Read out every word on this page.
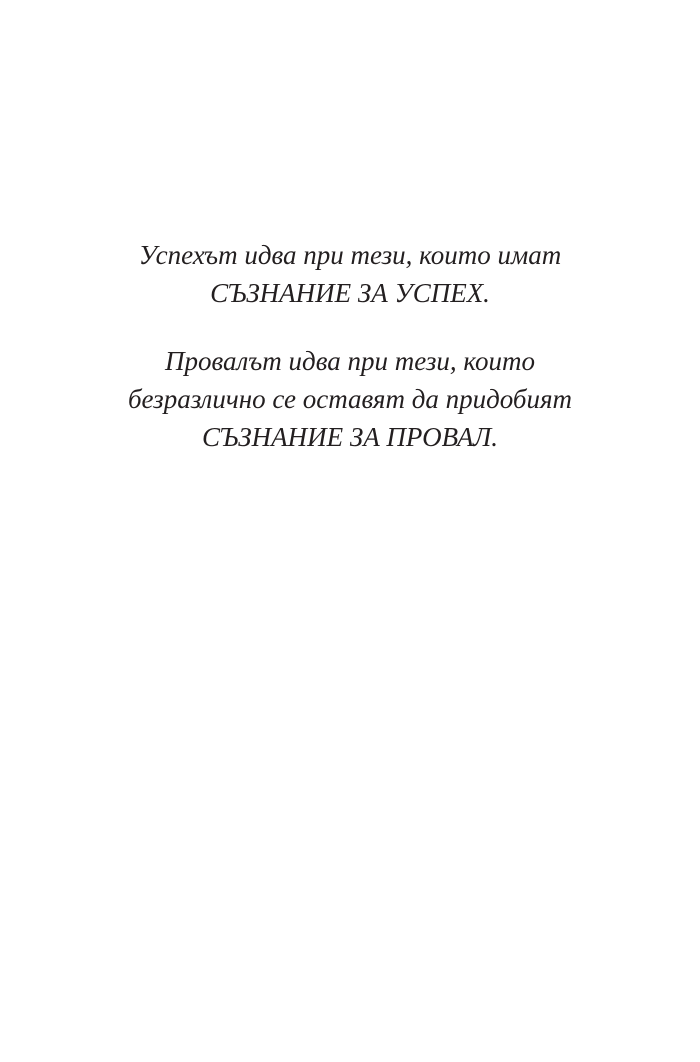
Успехът идва при тези, които имат
СЪЗНАНИЕ ЗА УСПЕХ.

Провалът идва при тези, които
безразлично се оставят да придобият
СЪЗНАНИЕ ЗА ПРОВАЛ.
